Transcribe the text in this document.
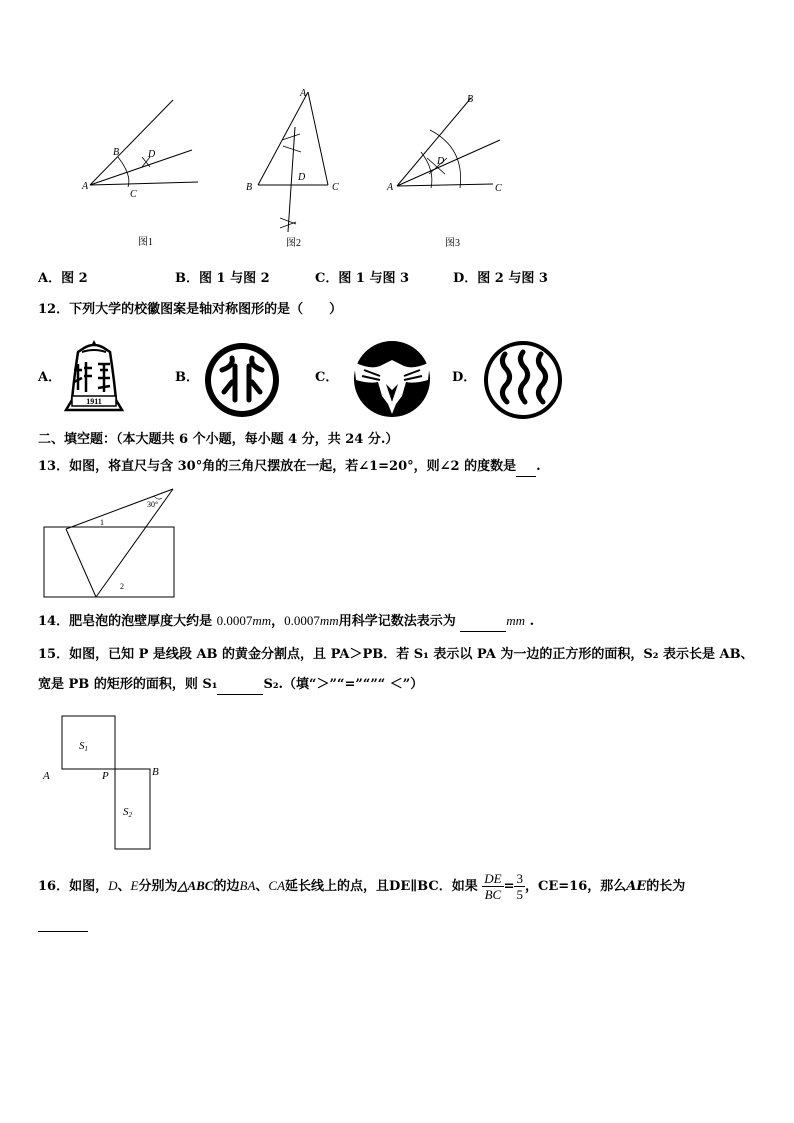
A
B
C
D
图1
A
B	C
D
图2
A
B
C
D
图3
A．图 2	B．图 1 与图 2	C．图 1 与图 3	D．图 2 与图 3
12．下列大学的校徽图案是轴对称图形的是（　　）
A．
1911
B．	C．	D．
二、填空题：（本大题共 6 个小题，每小题 4 分，共 24 分.）
13．如图，将直尺与含 30°角的三角尺摆放在一起，若∠1=20°，则∠2 的度数是 .
30°
1
2
14．肥皂泡的泡壁厚度大约是 0.0007mm，0.0007mm用科学记数法表示为	mm .
15．如图，已知 P 是线段 AB 的黄金分割点，且 PA＞PB．若 S₁ 表示以 PA 为一边的正方形的面积，S₂ 表示长是 AB、
宽是 PB 的矩形的面积，则 S₁	S₂.（填“＞”“=”“”“ ＜”）
S1
S2
A	P	B
16．如图，D、E分别为△ABC的边BA、CA延长线上的点，且DE∥BC．如果 $\frac{DE}{BC} = \frac{3}{5}$ ，CE=16，那么AE的长为
